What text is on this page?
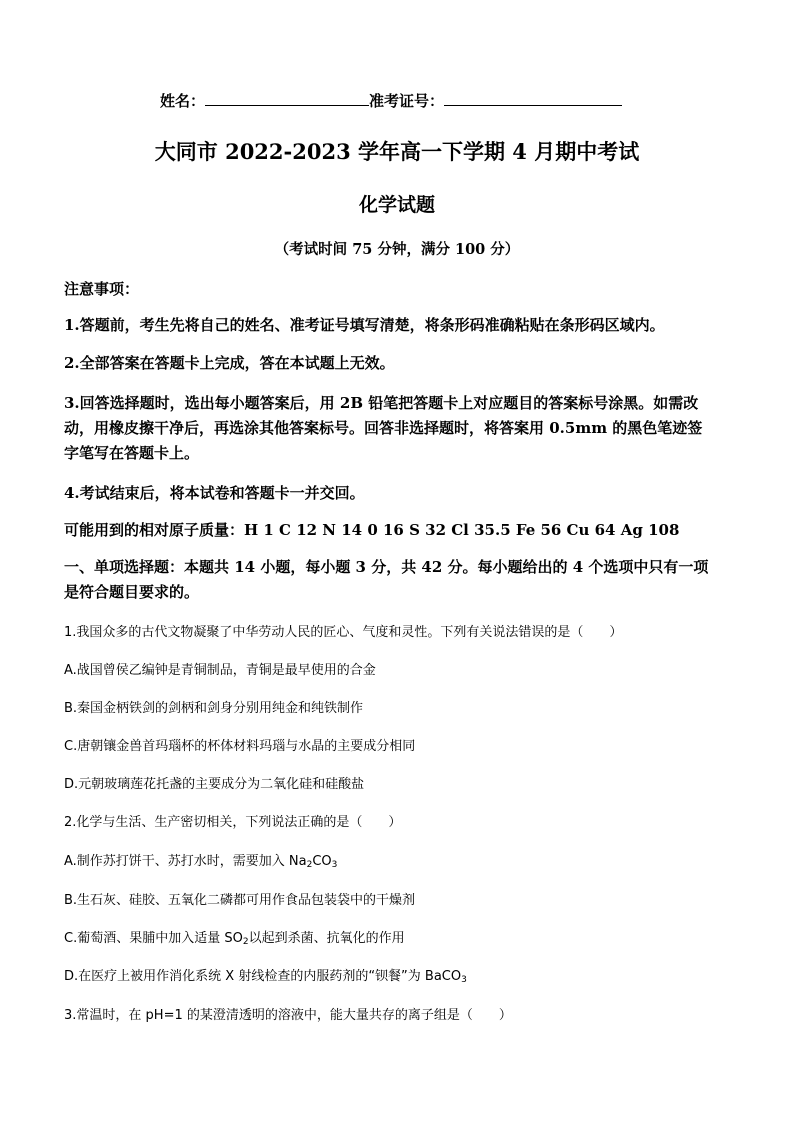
姓名：	准考证号：
大同市 2022-2023 学年高一下学期 4 月期中考试
化学试题
（考试时间 75 分钟，满分 100 分）
注意事项：
1.答题前，考生先将自己的姓名、准考证号填写清楚，将条形码准确粘贴在条形码区域内。
2.全部答案在答题卡上完成，答在本试题上无效。
3.回答选择题时，选出每小题答案后，用 2B 铅笔把答题卡上对应题目的答案标号涂黑。如需改
动，用橡皮擦干净后，再选涂其他答案标号。回答非选择题时，将答案用 0.5mm 的黑色笔迹签
字笔写在答题卡上。
4.考试结束后，将本试卷和答题卡一并交回。
可能用到的相对原子质量：H 1 C 12 N 14 0 16 S 32 Cl 35.5 Fe 56 Cu 64 Ag 108
一、单项选择题：本题共 14 小题，每小题 3 分，共 42 分。每小题给出的 4 个选项中只有一项
是符合题目要求的。
1.我国众多的古代文物凝聚了中华劳动人民的匠心、气度和灵性。下列有关说法错误的是（　　）
A.战国曾侯乙编钟是青铜制品，青铜是最早使用的合金
B.秦国金柄铁剑的剑柄和剑身分别用纯金和纯铁制作
C.唐朝镶金兽首玛瑙杯的杯体材料玛瑙与水晶的主要成分相同
D.元朝玻璃莲花托盏的主要成分为二氧化硅和硅酸盐
2.化学与生活、生产密切相关，下列说法正确的是（　　）
A.制作苏打饼干、苏打水时，需要加入 $Na_2CO_3$
B.生石灰、硅胶、五氧化二磷都可用作食品包装袋中的干燥剂
C.葡萄酒、果脯中加入适量 $SO_2$以起到杀菌、抗氧化的作用
D.在医疗上被用作消化系统 X 射线检查的内服药剂的“钡餐”为 BaCO$_3$
3.常温时，在 pH=1 的某澄清透明的溶液中，能大量共存的离子组是（　　）
